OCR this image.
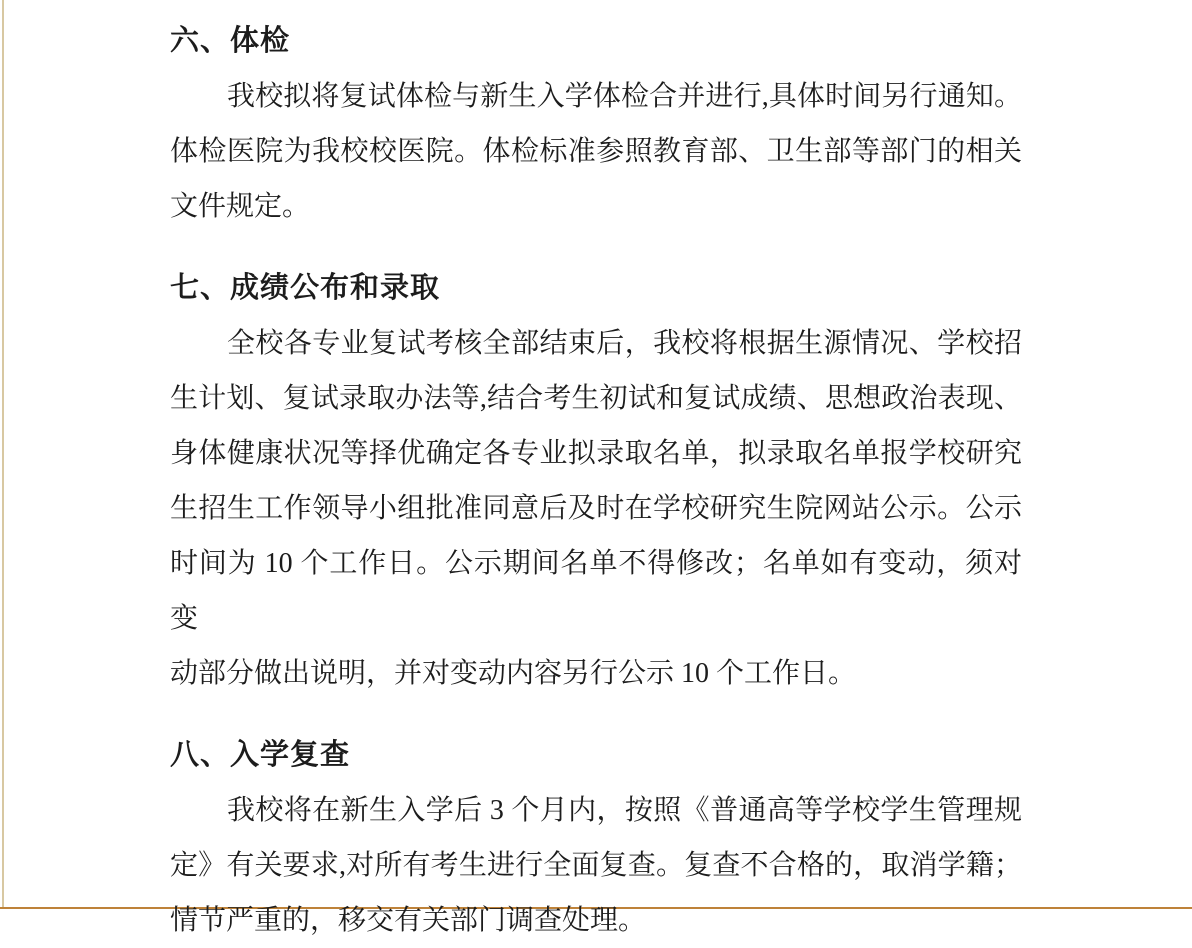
六、体检
我校拟将复试体检与新生入学体检合并进行,具体时间另行通知。
体检医院为我校校医院。体检标准参照教育部、卫生部等部门的相关
文件规定。
七、成绩公布和录取
全校各专业复试考核全部结束后，我校将根据生源情况、学校招
生计划、复试录取办法等,结合考生初试和复试成绩、思想政治表现、
身体健康状况等择优确定各专业拟录取名单，拟录取名单报学校研究
生招生工作领导小组批准同意后及时在学校研究生院网站公示。公示
时间为 10 个工作日。公示期间名单不得修改；名单如有变动，须对变
动部分做出说明，并对变动内容另行公示 10 个工作日。
八、入学复查
我校将在新生入学后 3 个月内，按照《普通高等学校学生管理规
定》有关要求,对所有考生进行全面复查。复查不合格的，取消学籍；
情节严重的，移交有关部门调查处理。
